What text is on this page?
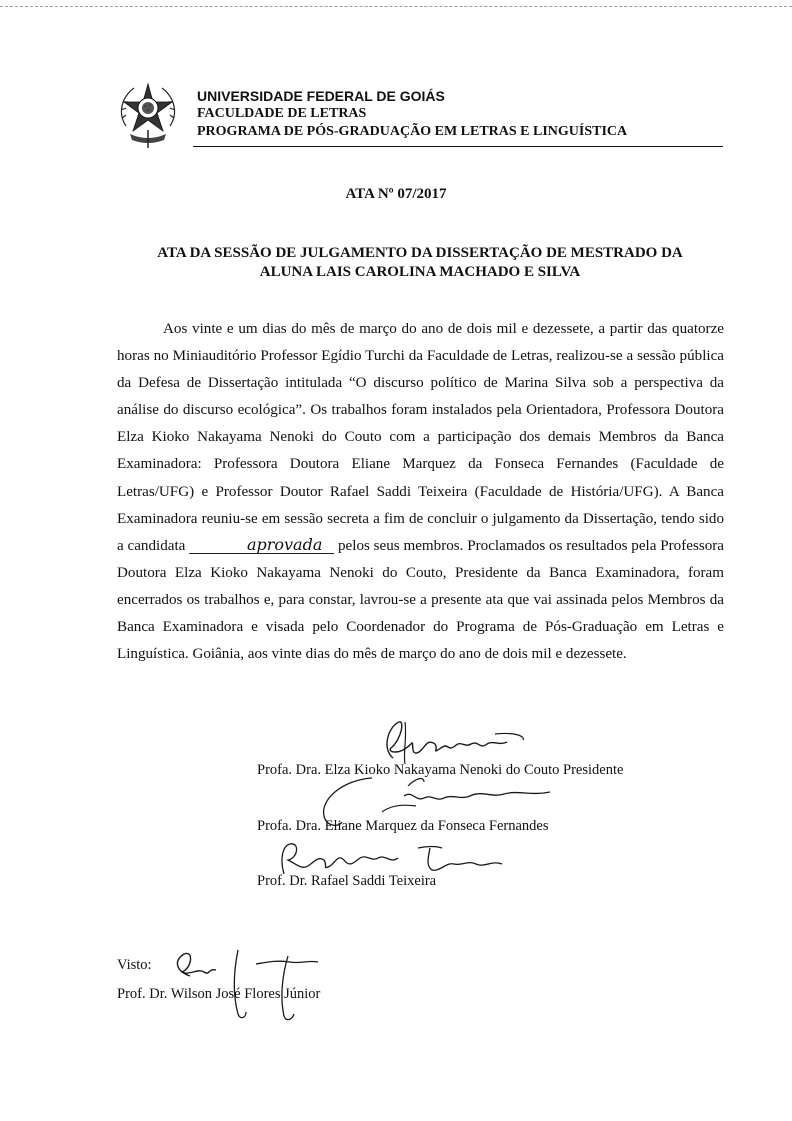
UNIVERSIDADE FEDERAL DE GOIÁS

FACULDADE DE LETRAS

PROGRAMA DE PÓS-GRADUAÇÃO EM LETRAS E LINGUÍSTICA

ATA Nº 07/2017
ATA DA SESSÃO DE JULGAMENTO DA DISSERTAÇÃO DE MESTRADO DA
ALUNA LAIS CAROLINA MACHADO E SILVA

Aos vinte e um dias do mês de março do ano de dois mil e dezessete, a partir das quatorze horas no Miniauditório Professor Egídio Turchi da Faculdade de Letras, realizou-se a sessão pública da Defesa de Dissertação intitulada “O discurso político de Marina Silva sob a perspectiva da análise do discurso ecológica”. Os trabalhos foram instalados pela Orientadora, Professora Doutora Elza Kioko Nakayama Nenoki do Couto com a participação dos demais Membros da Banca Examinadora: Professora Doutora Eliane Marquez da Fonseca Fernandes (Faculdade de Letras/UFG) e Professor Doutor Rafael Saddi Teixeira (Faculdade de História/UFG). A Banca Examinadora reuniu-se em sessão secreta a fim de concluir o julgamento da Dissertação, tendo sido a candidata	aprovada pelos seus membros. Proclamados os resultados pela Professora Doutora Elza Kioko Nakayama Nenoki do Couto, Presidente da Banca Examinadora, foram encerrados os trabalhos e, para constar, lavrou-se a presente ata que vai assinada pelos Membros da Banca Examinadora e visada pelo Coordenador do Programa de Pós-Graduação em Letras e Linguística. Goiânia, aos vinte dias do mês de março do ano de dois mil e dezessete.

Profa. Dra. Elza Kioko Nakayama Nenoki do Couto Presidente
Profa. Dra. Eliane Marquez da Fonseca Fernandes
Prof. Dr. Rafael Saddi Teixeira
Visto:
Prof. Dr. Wilson José Flores Júnior
